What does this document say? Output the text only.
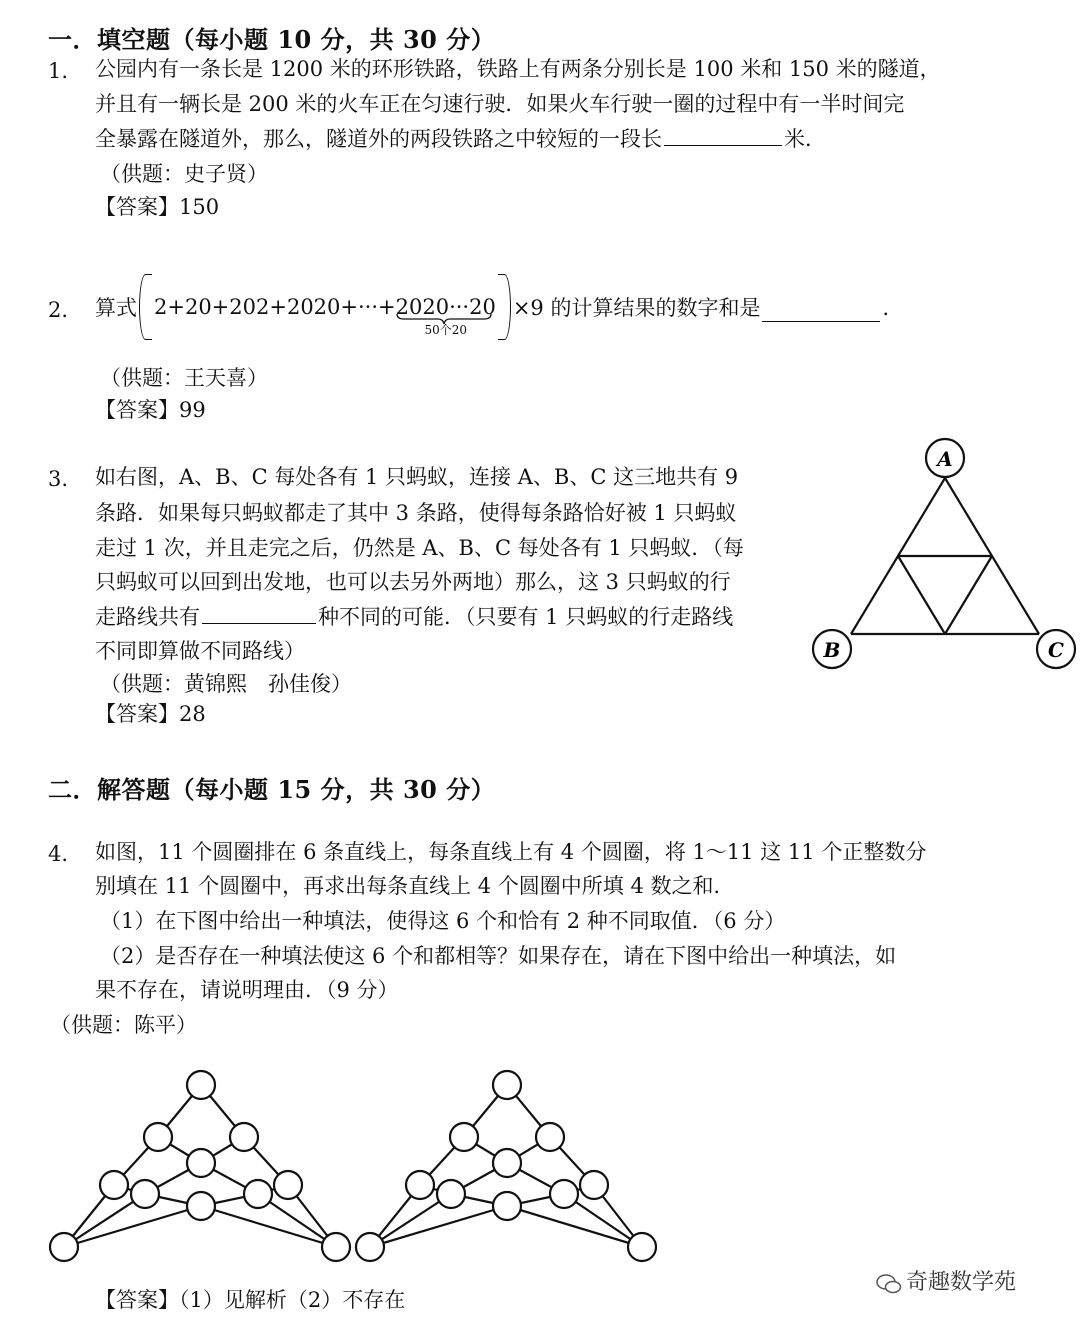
一．填空题（每小题 10 分，共 30 分）
1. 公园内有一条长是 1200 米的环形铁路，铁路上有两条分别长是 100 米和 150 米的隧道，
并且有一辆长是 200 米的火车正在匀速行驶．如果火车行驶一圈的过程中有一半时间完
全暴露在隧道外，那么，隧道外的两段铁路之中较短的一段长	米．
（供题：史子贤）
【答案】150
2. 算式 2+20+202+2020+···+ 2020···20
50个20
×9 的计算结果的数字和是	．
（供题：王天喜）
【答案】99
3. 如右图，A、B、C 每处各有 1 只蚂蚁，连接 A、B、C 这三地共有 9
条路．如果每只蚂蚁都走了其中 3 条路，使得每条路恰好被 1 只蚂蚁
走过 1 次，并且走完之后，仍然是 A、B、C 每处各有 1 只蚂蚁．（每
只蚂蚁可以回到出发地，也可以去另外两地）那么，这 3 只蚂蚁的行
走路线共有	种不同的可能．（只要有 1 只蚂蚁的行走路线
不同即算做不同路线）
（供题：黄锦熙　孙佳俊）
【答案】28
A
B	C
二．解答题（每小题 15 分，共 30 分）
4. 如图，11 个圆圈排在 6 条直线上，每条直线上有 4 个圆圈，将 1～11 这 11 个正整数分
别填在 11 个圆圈中，再求出每条直线上 4 个圆圈中所填 4 数之和．
（1）在下图中给出一种填法，使得这 6 个和恰有 2 种不同取值．（6 分）
（2）是否存在一种填法使这 6 个和都相等？如果存在，请在下图中给出一种填法，如
果不存在，请说明理由．（9 分）
（供题：陈平）
奇趣数学苑
【答案】（1）见解析（2）不存在
